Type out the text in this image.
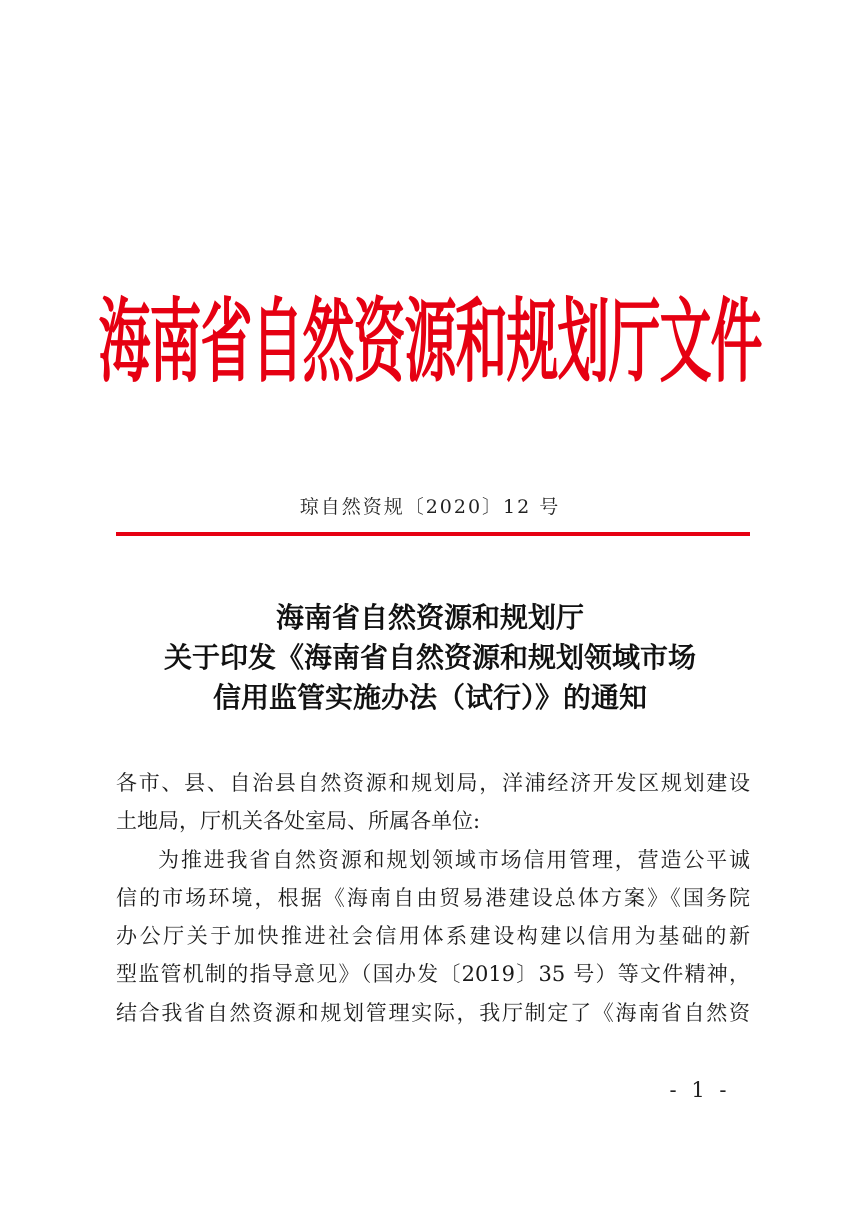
海南省自然资源和规划厅文件
琼自然资规〔2020〕12 号
海南省自然资源和规划厅
关于印发《海南省自然资源和规划领域市场
信用监管实施办法（试行）》的通知
各市、县、自治县自然资源和规划局，洋浦经济开发区规划建设
土地局，厅机关各处室局、所属各单位:
为推进我省自然资源和规划领域市场信用管理，营造公平诚
信的市场环境，根据《海南自由贸易港建设总体方案》《国务院
办公厅关于加快推进社会信用体系建设构建以信用为基础的新
型监管机制的指导意见》（国办发〔2019〕35 号）等文件精神，
结合我省自然资源和规划管理实际，我厅制定了《海南省自然资
- 1 -
